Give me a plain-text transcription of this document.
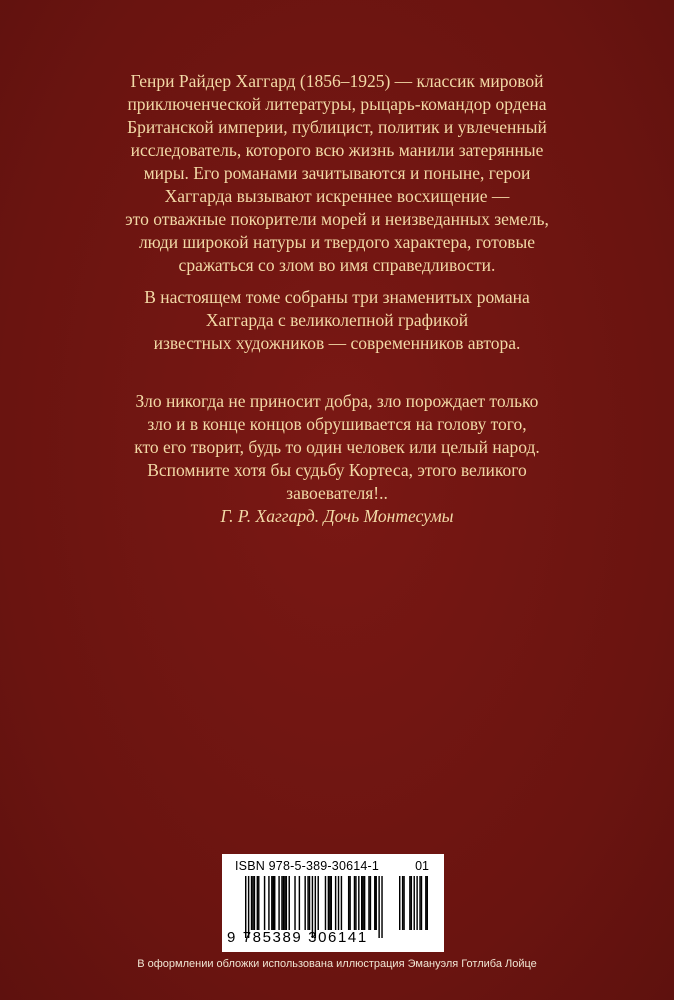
Генри Райдер Хаггард (1856–1925) — классик мировой
приключенческой литературы, рыцарь-командор ордена
Британской империи, публицист, политик и увлеченный
исследователь, которого всю жизнь манили затерянные
миры. Его романами зачитываются и поныне, герои
Хаггарда вызывают искреннее восхищение —
это отважные покорители морей и неизведанных земель,
люди широкой натуры и твердого характера, готовые
сражаться со злом во имя справедливости.
В настоящем томе собраны три знаменитых романа
Хаггарда с великолепной графикой
известных художников — современников автора.
Зло никогда не приносит добра, зло порождает только
зло и в конце концов обрушивается на голову того,
кто его творит, будь то один человек или целый народ.
Вспомните хотя бы судьбу Кортеса, этого великого
завоевателя!..
Г. Р. Хаггард. Дочь Монтесумы
ISBN 978-5-389-30614-1	01
9 785389 306141
В оформлении обложки использована иллюстрация Эмануэля Готлиба Лойце
